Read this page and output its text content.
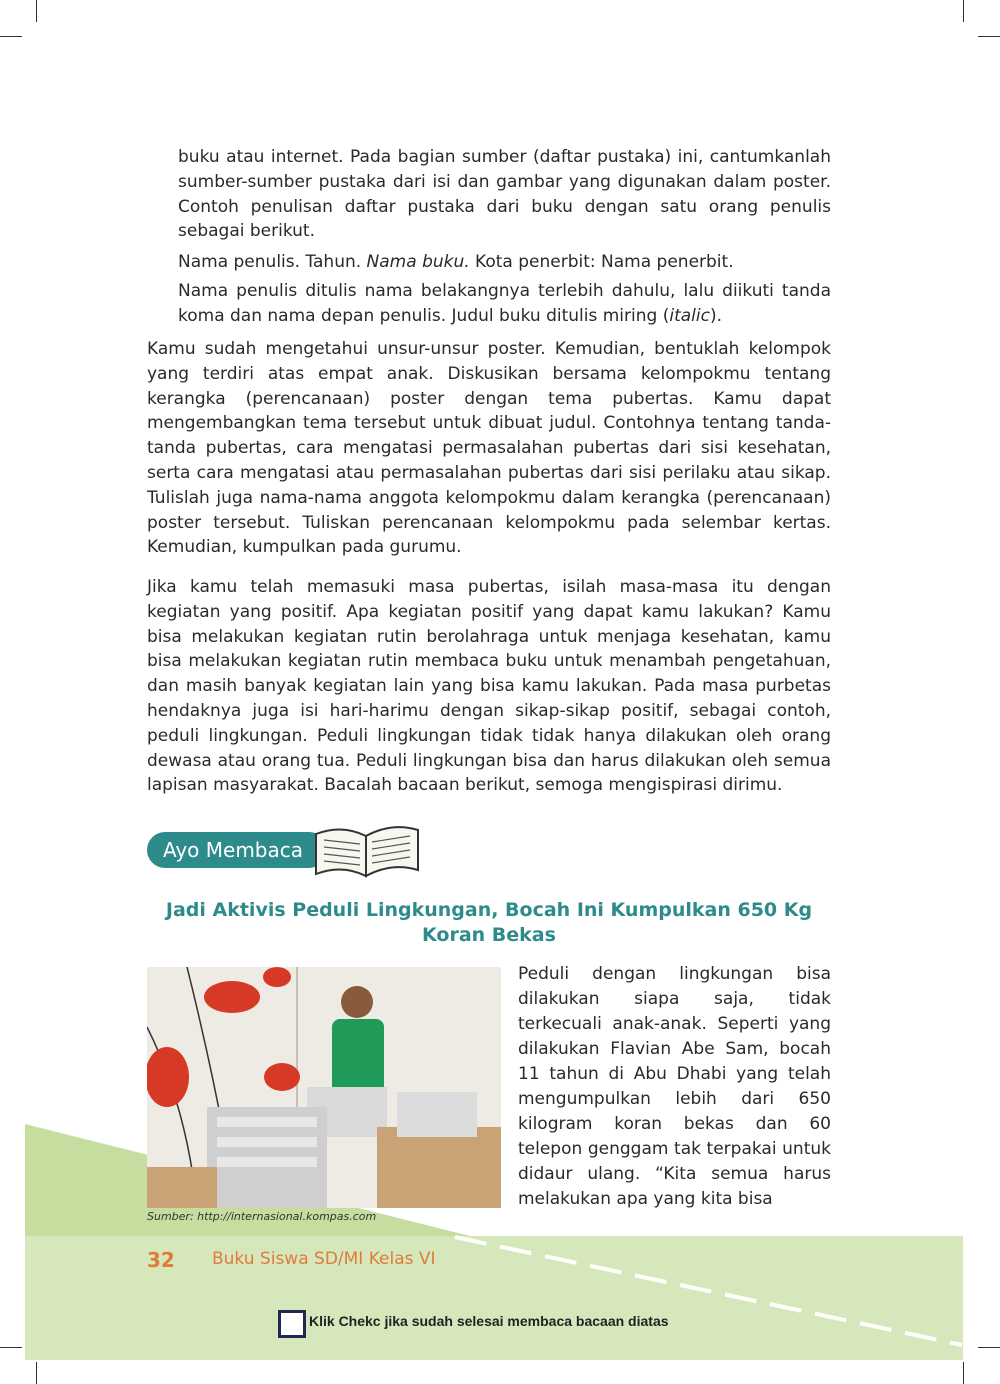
buku atau internet. Pada bagian sumber (daftar pustaka) ini, cantumkanlah sumber-sumber pustaka dari isi dan gambar yang digunakan dalam poster. Contoh penulisan daftar pustaka dari buku dengan satu orang penulis sebagai berikut.

Nama penulis. Tahun. Nama buku. Kota penerbit: Nama penerbit.

Nama penulis ditulis nama belakangnya terlebih dahulu, lalu diikuti tanda koma dan nama depan penulis. Judul buku ditulis miring (italic).

Kamu sudah mengetahui unsur-unsur poster. Kemudian, bentuklah kelompok yang terdiri atas empat anak. Diskusikan bersama kelompokmu tentang kerangka (perencanaan) poster dengan tema pubertas. Kamu dapat mengembangkan tema tersebut untuk dibuat judul. Contohnya tentang tanda-tanda pubertas, cara mengatasi permasalahan pubertas dari sisi kesehatan, serta cara mengatasi atau permasalahan pubertas dari sisi perilaku atau sikap. Tulislah juga nama-nama anggota kelompokmu dalam kerangka (perencanaan) poster tersebut. Tuliskan perencanaan kelompokmu pada selembar kertas. Kemudian, kumpulkan pada gurumu.

Jika kamu telah memasuki masa pubertas, isilah masa-masa itu dengan kegiatan yang positif. Apa kegiatan positif yang dapat kamu lakukan? Kamu bisa melakukan kegiatan rutin berolahraga untuk menjaga kesehatan, kamu bisa melakukan kegiatan rutin membaca buku untuk menambah pengetahuan, dan masih banyak kegiatan lain yang bisa kamu lakukan. Pada masa purbetas hendaknya juga isi hari-harimu dengan sikap-sikap positif, sebagai contoh, peduli lingkungan. Peduli lingkungan tidak tidak hanya dilakukan oleh orang dewasa atau orang tua. Peduli lingkungan bisa dan harus dilakukan oleh semua lapisan masyarakat. Bacalah bacaan berikut, semoga mengispirasi dirimu.

Ayo Membaca
Jadi Aktivis Peduli Lingkungan, Bocah Ini Kumpulkan 650 Kg Koran Bekas
Sumber: http://internasional.kompas.com
Peduli dengan lingkungan bisa dilakukan siapa saja, tidak terkecuali anak-anak. Seperti yang dilakukan Flavian Abe Sam, bocah 11 tahun di Abu Dhabi yang telah mengumpulkan lebih dari 650 kilogram koran bekas dan 60 telepon genggam tak terpakai untuk didaur ulang. “Kita semua harus melakukan apa yang kita bisa
32 Buku Siswa SD/MI Kelas VI
Klik Chekc jika sudah selesai membaca bacaan diatas
